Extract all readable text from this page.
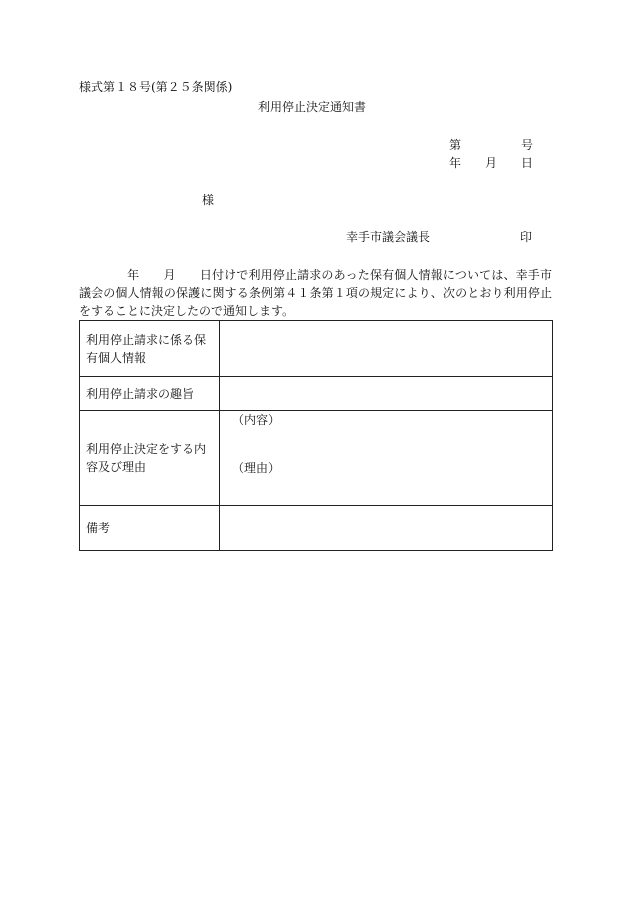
様式第１８号(第２５条関係)
利用停止決定通知書
第	号
年 月 日
様
幸手市議会議長	印
年 月 日付けで利用停止請求のあった保有個人情報については、幸手市議会の個人情報の保護に関する条例第４１条第１項の規定により、次のとおり利用停止をすることに決定したので通知します。
利用停止請求に係る保有個人情報	
利用停止請求の趣旨	
利用停止決定をする内容及び理由	（内容）
（理由）

備考	
